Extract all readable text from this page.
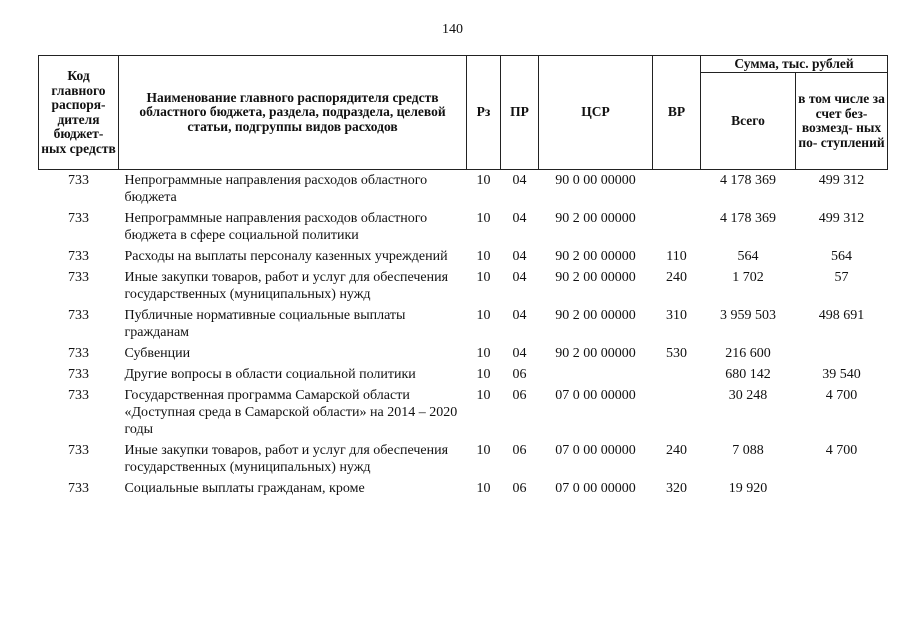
140
Код главного распоря- дителя бюджет- ных средств	Наименование главного распорядителя средств областного бюджета, раздела, подраздела, целевой статьи, подгруппы видов расходов	Рз	ПР	ЦСР	ВР	Сумма, тыс. рублей	
						Всего	в том числе за счет без- возмезд- ных по- ступлений
733	Непрограммные направления расходов областного бюджета	10	04	90 0 00 00000		4 178 369	499 312
733	Непрограммные направления расходов областного бюджета в сфере социальной политики	10	04	90 2 00 00000		4 178 369	499 312
733	Расходы на выплаты персоналу казенных учреждений	10	04	90 2 00 00000	110	564	564
733	Иные закупки товаров, работ и услуг для обеспечения государственных (муниципальных) нужд	10	04	90 2 00 00000	240	1 702	57
733	Публичные нормативные социальные выплаты гражданам	10	04	90 2 00 00000	310	3 959 503	498 691
733	Субвенции	10	04	90 2 00 00000	530	216 600	
733	Другие вопросы в области социальной политики	10	06			680 142	39 540
733	Государственная программа Самарской области «Доступная среда в Самарской области» на 2014 – 2020 годы	10	06	07 0 00 00000		30 248	4 700
733	Иные закупки товаров, работ и услуг для обеспечения государственных (муниципальных) нужд	10	06	07 0 00 00000	240	7 088	4 700
733	Социальные выплаты гражданам, кроме	10	06	07 0 00 00000	320	19 920	
